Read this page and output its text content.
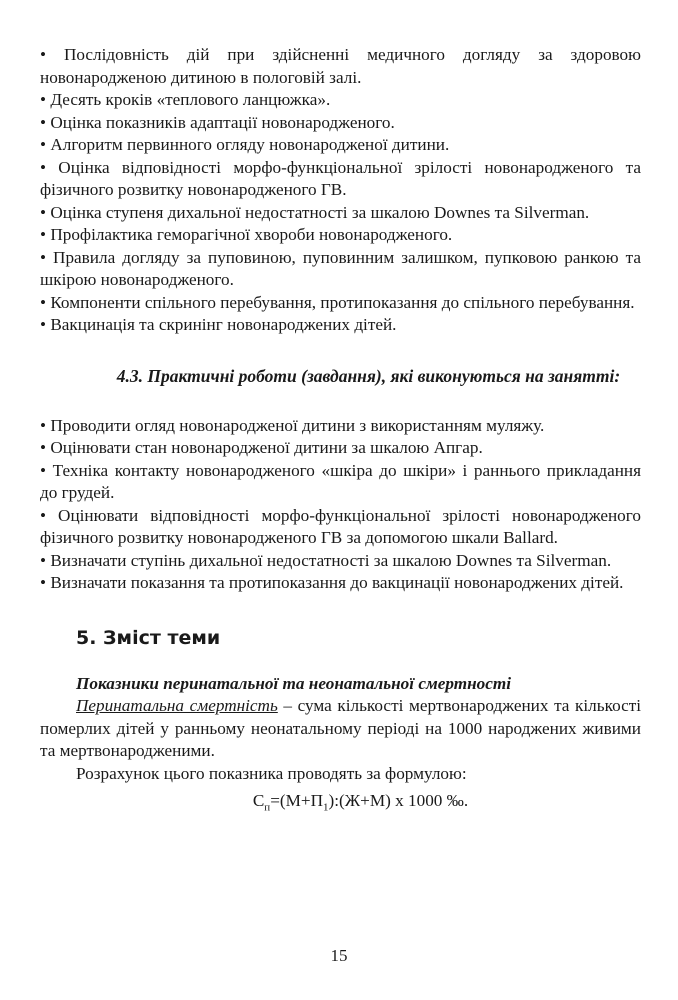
• Послідовність дій при здійсненні медичного догляду за здоровою новонародженою дитиною в пологовій залі.
• Десять кроків «теплового ланцюжка».
• Оцінка показників адаптації новонародженого.
• Алгоритм первинного огляду новонародженої дитини.
• Оцінка відповідності морфо-функціональної зрілості новонародженого та фізичного розвитку новонародженого ГВ.
• Оцінка ступеня дихальної недостатності за шкалою Downes та Silverman.
• Профілактика геморагічної хвороби новонародженого.
• Правила догляду за пуповиною, пуповинним залишком, пупковою ранкою та шкірою новонародженого.
• Компоненти спільного перебування, протипоказання до спільного перебування.
• Вакцинація та скринінг новонароджених дітей.
4.3. Практичні роботи (завдання), які виконуються на занятті:
• Проводити огляд новонародженої дитини з використанням муляжу.
• Оцінювати стан новонародженої дитини за шкалою Апгар.
• Техніка контакту новонародженого «шкіра до шкіри» і раннього прикладання до грудей.
• Оцінювати відповідності морфо-функціональної зрілості новонародженого фізичного розвитку новонародженого ГВ за допомогою шкали Ballard.
• Визначати ступінь дихальної недостатності за шкалою Downes та Silverman.
• Визначати показання та протипоказання до вакцинації новонароджених дітей.
5. Зміст теми
Показники перинатальної та неонатальної смертності

Перинатальна смертність – сума кількості мертвонароджених та кількості померлих дітей у ранньому неонатальному періоді на 1000 народжених живими та мертвонародженими.

Розрахунок цього показника проводять за формулою:

$С_п=(М+П_1):(Ж+М)$ х 1000 ‰.
15
